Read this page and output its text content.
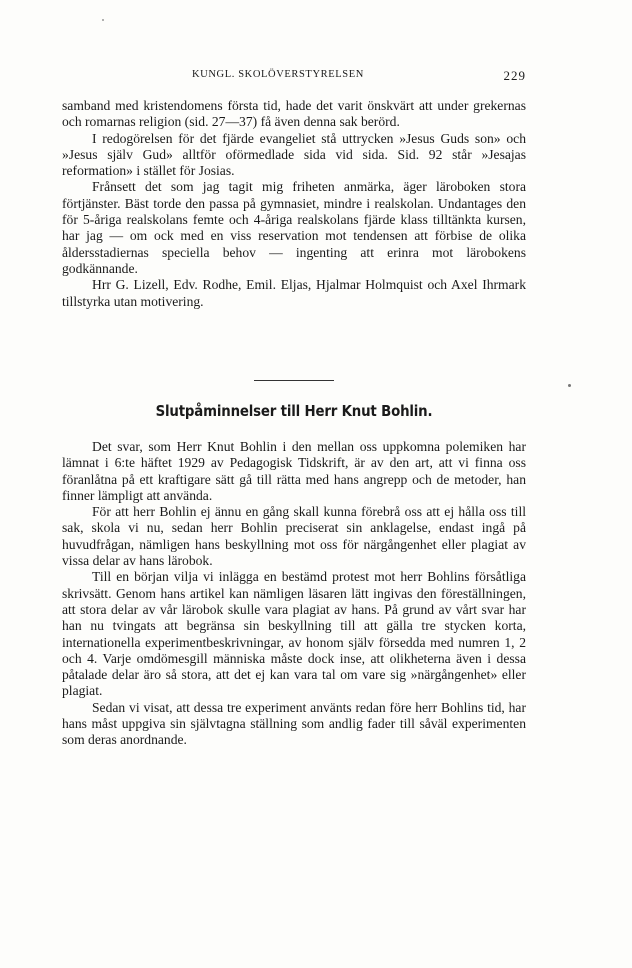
KUNGL. SKOLÖVERSTYRELSEN	229

samband med kristendomens första tid, hade det varit önskvärt att under grekernas och romarnas religion (sid. 27—37) få även denna sak berörd.

I redogörelsen för det fjärde evangeliet stå uttrycken »Jesus Guds son» och »Jesus själv Gud» alltför oförmedlade sida vid sida. Sid. 92 står »Jesajas reformation» i stället för Josias.

Frånsett det som jag tagit mig friheten anmärka, äger läroboken stora förtjänster. Bäst torde den passa på gymnasiet, mindre i realskolan. Undantages den för 5-åriga realskolans femte och 4-åriga realskolans fjärde klass tilltänkta kursen, har jag — om ock med en viss reservation mot tendensen att förbise de olika åldersstadiernas speciella behov — ingenting att erinra mot lärobokens godkännande.

Hrr G. Lizell, Edv. Rodhe, Emil. Eljas, Hjalmar Holmquist och Axel Ihrmark tillstyrka utan motivering.

Slutpåminnelser till Herr Knut Bohlin.

Det svar, som Herr Knut Bohlin i den mellan oss uppkomna polemiken har lämnat i 6:te häftet 1929 av Pedagogisk Tidskrift, är av den art, att vi finna oss föranlåtna på ett kraftigare sätt gå till rätta med hans angrepp och de metoder, han finner lämpligt att använda.

För att herr Bohlin ej ännu en gång skall kunna förebrå oss att ej hålla oss till sak, skola vi nu, sedan herr Bohlin preciserat sin anklagelse, endast ingå på huvudfrågan, nämligen hans beskyllning mot oss för närgångenhet eller plagiat av vissa delar av hans lärobok.

Till en början vilja vi inlägga en bestämd protest mot herr Bohlins försåtliga skrivsätt. Genom hans artikel kan nämligen läsaren lätt ingivas den föreställningen, att stora delar av vår lärobok skulle vara plagiat av hans. På grund av vårt svar har han nu tvingats att begränsa sin beskyllning till att gälla tre stycken korta, internationella experimentbeskrivningar, av honom själv försedda med numren 1, 2 och 4. Varje omdömesgill människa måste dock inse, att olikheterna även i dessa påtalade delar äro så stora, att det ej kan vara tal om vare sig »närgångenhet» eller plagiat.

Sedan vi visat, att dessa tre experiment använts redan före herr Bohlins tid, har hans måst uppgiva sin självtagna ställning som andlig fader till såväl experimenten som deras anordnande.
